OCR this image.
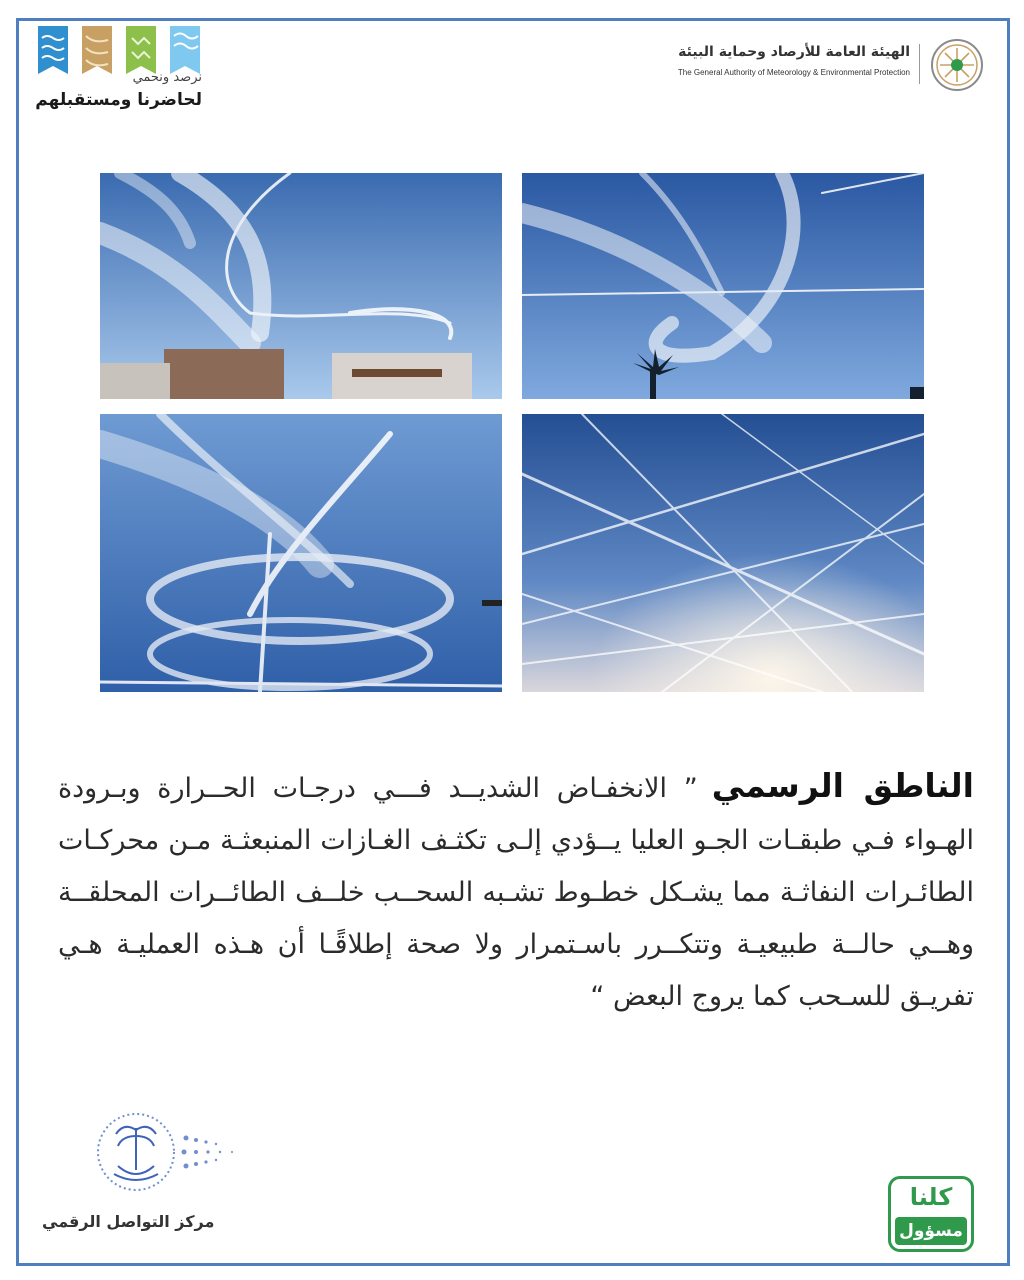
نرصد ونحمي
لحاضرنا ومستقبلهم
الهيئة العامة للأرصاد وحماية البيئة
The General Authority of Meteorology & Environmental Protection
الناطق الرسمي” الانخفـاض الشديــد فـــي درجـات الحــرارة وبـرودة الهـواء فـي طبقـات الجـو العليا يــؤدي إلـى تكثـف الغـازات المنبعثـة مـن محركـات الطائـرات النفاثـة مما يشـكل خطـوط تشـبه السحــب خلــف الطائــرات المحلقــة وهــي حالــة طبيعيـة وتتكــرر باسـتمرار ولا صحة إطلاقًـا أن هـذه العمليـة هـي تفريـق للسـحب كما يروج البعض “
مركز التواصل الرقمي
كلنا
مسؤول
